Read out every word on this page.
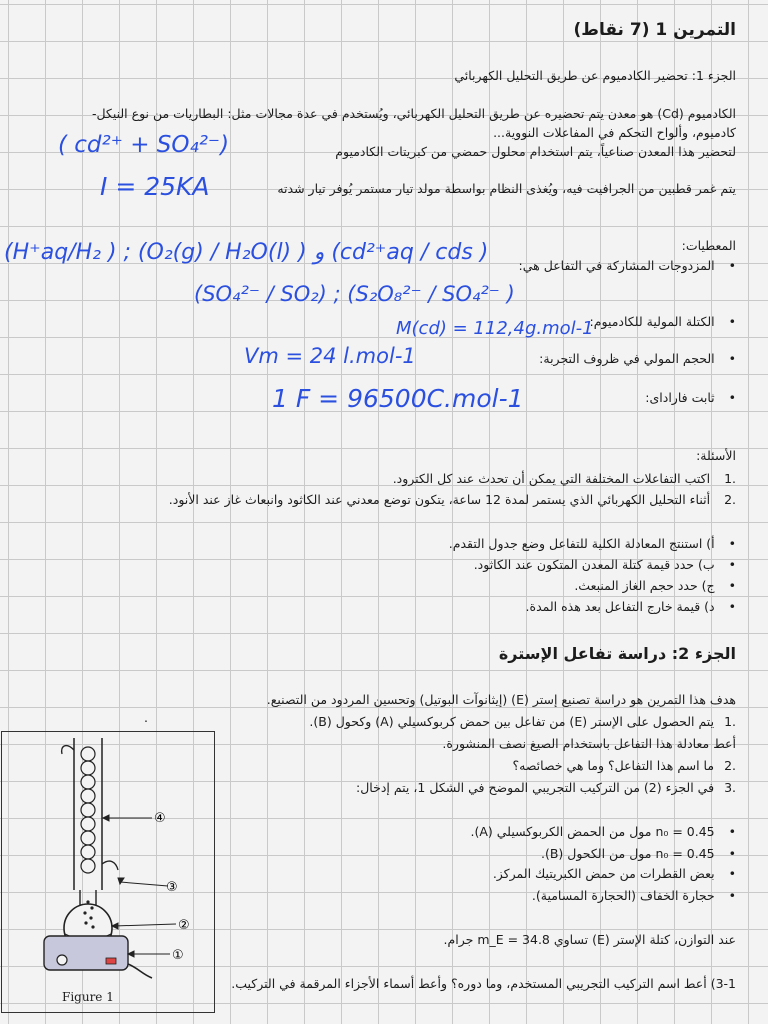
التمرين 1 (7 نقاط)
الجزء 1: تحضير الكادميوم عن طريق التحليل الكهربائي
الكادميوم (Cd) هو معدن يتم تحضيره عن طريق التحليل الكهربائي، ويُستخدم في عدة مجالات مثل: البطاريات من نوع النيكل-
كادميوم، وألواح التحكم في المفاعلات النووية...
لتحضير هذا المعدن صناعياً، يتم استخدام محلول حمضي من كبريتات الكادميوم
يتم غمر قطبين من الجرافيت فيه، ويُغذى النظام بواسطة مولد تيار مستمر يُوفر تيار شدته
( cd²⁺ + SO₄²⁻)
I = 25KA
المعطيات:
• المزدوجات المشاركة في التفاعل هي:
(H⁺aq/H₂ ) ; (O₂(g) / H₂O(l) ) و (cd²⁺aq / cds )
(SO₄²⁻ / SO₂) ; (S₂O₈²⁻ / SO₄²⁻ )
• الكتلة المولية للكادميوم:
M(cd) = 112,4g.mol-1
• الحجم المولي في ظروف التجربة:
Vm = 24 l.mol-1
• ثابت فارادای:
1 F = 96500C.mol-1
الأسئلة:
.1 اكتب التفاعلات المختلفة التي يمكن أن تحدث عند كل الكترود.
.2 أثناء التحليل الكهربائي الذي يستمر لمدة 12 ساعة، يتكون توضع معدني عند الكاثود وانبعاث غاز عند الأنود.
•أ) استنتج المعادلة الكلية للتفاعل وضع جدول التقدم.
•ب) حدد قيمة كتلة المعدن المتكون عند الكاثود.
•ج) حدد حجم الغاز المنبعث.
•د) قيمة خارج التفاعل بعد هذه المدة.
الجزء 2: دراسة تفاعل الإسترة
هدف هذا التمرين هو دراسة تصنيع إستر (E) (إيثانوآت البوتيل) وتحسين المردود من التصنيع.
.1يتم الحصول على الإستر (E) من تفاعل بين حمض كربوكسيلي (A) وكحول (B).
أعط معادلة هذا التفاعل باستخدام الصيغ نصف المنشورة.
.2ما اسم هذا التفاعل؟ وما هي خصائصه؟
.3في الجزء (2) من التركيب التجريبي الموضح في الشكل 1، يتم إدخال:
•n₀ = 0.45 مول من الحمض الكربوكسيلي (A).
•n₀ = 0.45 مول من الكحول (B).
•بعض القطرات من حمض الكبريتيك المركز.
•حجارة الخفاف (الحجارة المسامية).
عند التوازن، كتلة الإستر (E) تساوي m_E = 34.8 جرام.
3-1) أعط اسم التركيب التجريبي المستخدم، وما دوره؟ وأعط أسماء الأجزاء المرقمة في التركيب.
.
④
③
②
①
Figure 1
